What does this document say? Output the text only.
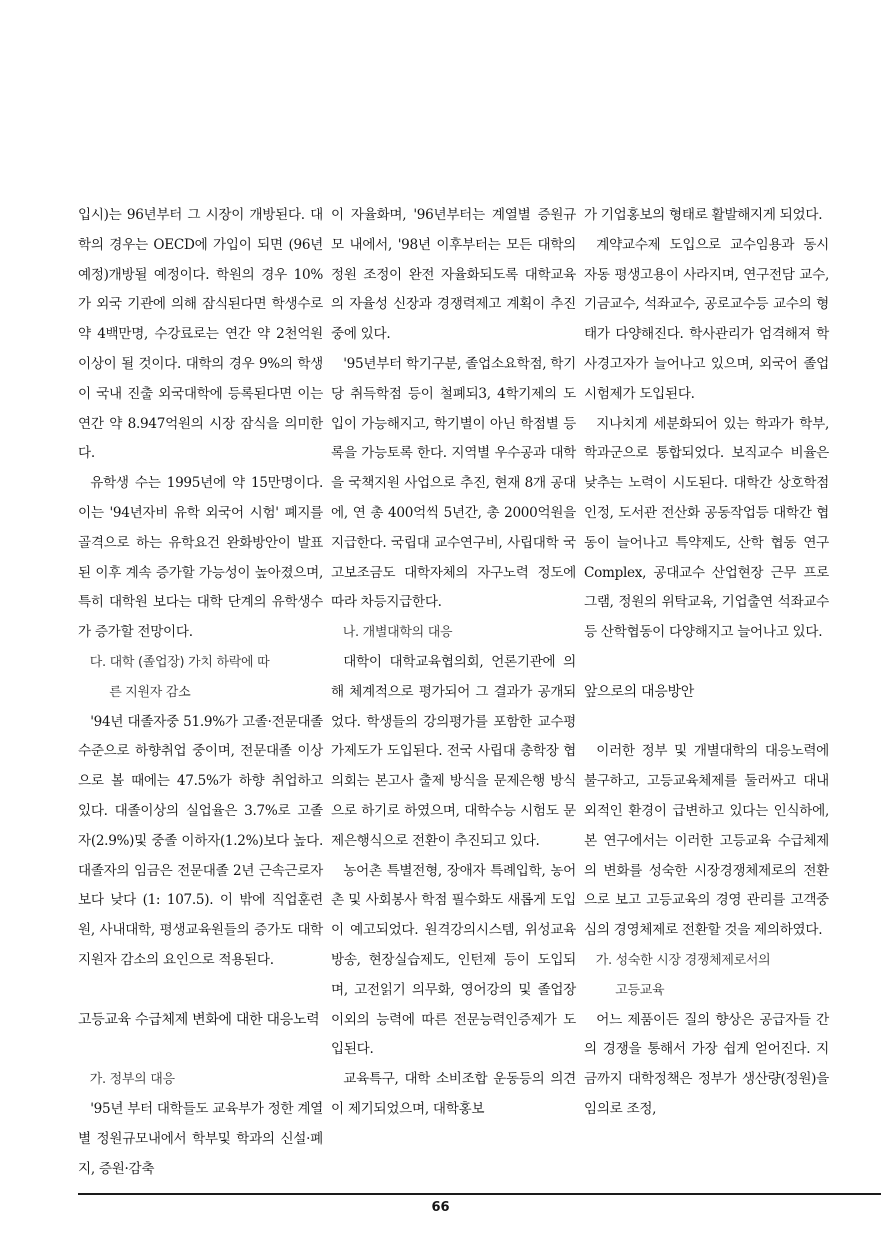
입시)는 96년부터 그 시장이 개방된다. 대학의 경우는 OECD에 가입이 되면 (96년 예정)개방될 예정이다. 학원의 경우 10%가 외국 기관에 의해 잠식된다면 학생수로 약 4백만명, 수강료로는 연간 약 2천억원이상이 될 것이다. 대학의 경우 9%의 학생이 국내 진출 외국대학에 등록된다면 이는 연간 약 8.947억원의 시장 잠식을 의미한다.

유학생 수는 1995년에 약 15만명이다. 이는 '94년자비 유학 외국어 시험' 폐지를 골격으로 하는 유학요건 완화방안이 발표된 이후 계속 증가할 가능성이 높아졌으며, 특히 대학원 보다는 대학 단계의 유학생수가 증가할 전망이다.

다. 대학 (졸업장) 가치 하락에 따
른 지원자 감소

'94년 대졸자중 51.9%가 고졸·전문대졸 수준으로 하향취업 중이며, 전문대졸 이상으로 볼 때에는 47.5%가 하향 취업하고 있다. 대졸이상의 실업율은 3.7%로 고졸자(2.9%)및 중졸 이하자(1.2%)보다 높다. 대졸자의 임금은 전문대졸 2년 근속근로자보다 낮다 (1: 107.5). 이 밖에 직업훈련원, 사내대학, 평생교육원들의 증가도 대학지원자 감소의 요인으로 적용된다.

고등교육 수급체제 변화에 대한 대응노력
가. 정부의 대응

'95년 부터 대학들도 교육부가 정한 계열별 정원규모내에서 학부및 학과의 신설·폐지, 증원·감축

이 자율화며, '96년부터는 계열별 증원규모 내에서, '98년 이후부터는 모든 대학의 정원 조정이 완전 자율화되도록 대학교육의 자율성 신장과 경쟁력제고 계획이 추진중에 있다.

'95년부터 학기구분, 졸업소요학점, 학기당 취득학점 등이 철폐되3, 4학기제의 도입이 가능해지고, 학기별이 아닌 학점별 등록을 가능토록 한다. 지역별 우수공과 대학을 국책지원 사업으로 추진, 현재 8개 공대에, 연 총 400억씩 5년간, 총 2000억원을 지급한다. 국립대 교수연구비, 사립대학 국고보조금도 대학자체의 자구노력 정도에 따라 차등지급한다.

나. 개별대학의 대응

대학이 대학교육협의회, 언론기관에 의해 체계적으로 평가되어 그 결과가 공개되었다. 학생들의 강의평가를 포함한 교수평가제도가 도입된다. 전국 사립대 총학장 협의회는 본고사 출제 방식을 문제은행 방식으로 하기로 하였으며, 대학수능 시험도 문제은행식으로 전환이 추진되고 있다.

농어촌 특별전형, 장애자 특례입학, 농어촌 및 사회봉사 학점 필수화도 새롭게 도입이 예고되었다. 원격강의시스템, 위성교육방송, 현장실습제도, 인턴제 등이 도입되며, 고전읽기 의무화, 영어강의 및 졸업장이외의 능력에 따른 전문능력인증제가 도입된다.

교육특구, 대학 소비조합 운동등의 의견이 제기되었으며, 대학홍보

가 기업홍보의 형태로 활발해지게 되었다.

계약교수제 도입으로 교수임용과 동시 자동 평생고용이 사라지며, 연구전담 교수, 기금교수, 석좌교수, 공로교수등 교수의 형태가 다양해진다. 학사관리가 엄격해져 학사경고자가 늘어나고 있으며, 외국어 졸업시험제가 도입된다.

지나치게 세분화되어 있는 학과가 학부, 학과군으로 통합되었다. 보직교수 비율은 낮추는 노력이 시도된다. 대학간 상호학점인정, 도서관 전산화 공동작업등 대학간 협동이 늘어나고 특약제도, 산학 협동 연구 Complex, 공대교수 산업현장 근무 프로그램, 정원의 위탁교육, 기업출연 석좌교수등 산학협동이 다양해지고 늘어나고 있다.

앞으로의 대응방안

이러한 정부 및 개별대학의 대응노력에 불구하고, 고등교육체제를 둘러싸고 대내외적인 환경이 급변하고 있다는 인식하에, 본 연구에서는 이러한 고등교육 수급체제의 변화를 성숙한 시장경쟁체제로의 전환으로 보고 고등교육의 경영 관리를 고객중심의 경영체제로 전환할 것을 제의하였다.

가. 성숙한 시장 경쟁체제로서의
고등교육

어느 제품이든 질의 향상은 공급자들 간의 경쟁을 통해서 가장 쉽게 얻어진다. 지금까지 대학정책은 정부가 생산량(정원)을 임의로 조정,

66
